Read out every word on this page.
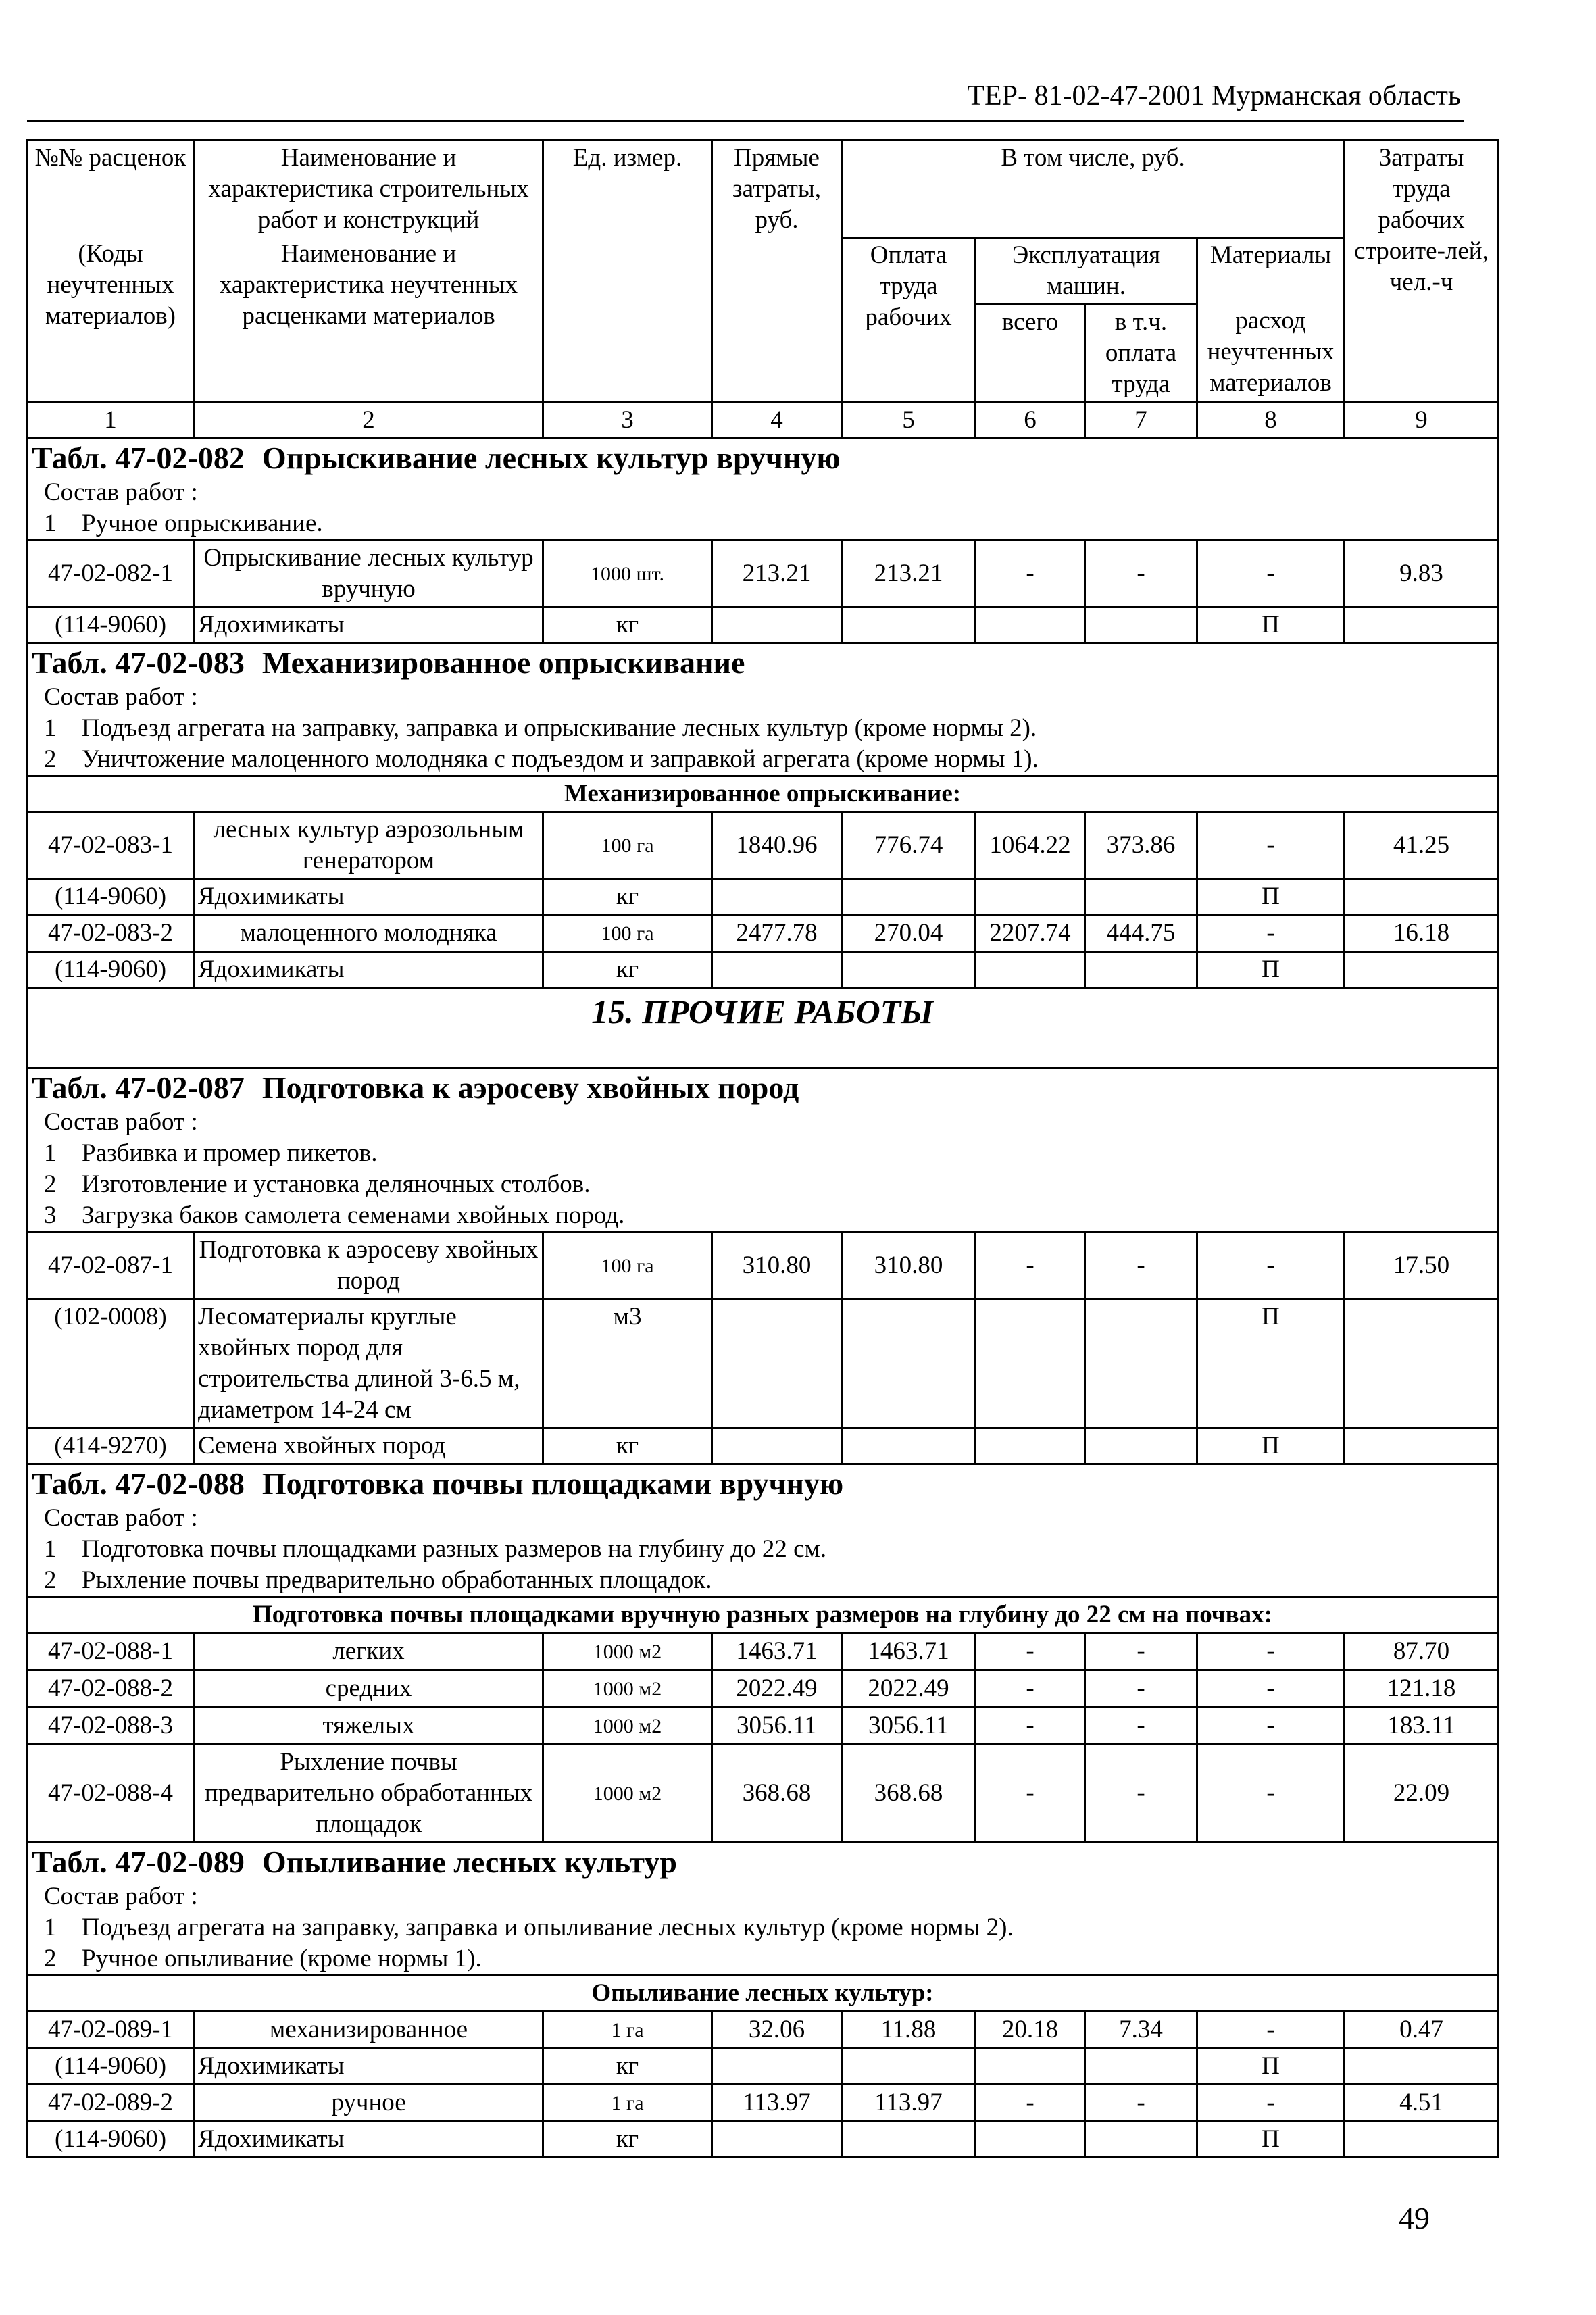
ТЕР- 81-02-47-2001 Мурманская область
№№ расценок	Наименование и характеристика строительных работ и конструкций	Ед. измер.	Прямые затраты, руб.	В том числе, руб.				Затраты труда рабочих строите-лей, чел.-ч
(Коды неучтенных материалов)	Наименование и характеристика неучтенных расценками материалов			Оплата труда рабочих	Эксплуатация машин.		Материалы	
					всего	в т.ч. оплата труда	расход неучтенных материалов	
1	2	3	4	5	6	7	8	9
Табл. 47-02-082 Опрыскивание лесных культур вручную								
Состав работ :								
1 Ручное опрыскивание.								
47-02-082-1	Опрыскивание лесных культур вручную	1000 шт.	213.21	213.21	-	-	-	9.83
(114-9060)	Ядохимикаты	кг					П	
Табл. 47-02-083 Механизированное опрыскивание								
Состав работ :								
1 Подъезд агрегата на заправку, заправка и опрыскивание лесных культур (кроме нормы 2).								
2 Уничтожение малоценного молодняка с подъездом и заправкой агрегата (кроме нормы 1).								
Механизированное опрыскивание:								
47-02-083-1	лесных культур аэрозольным генератором	100 га	1840.96	776.74	1064.22	373.86	-	41.25
(114-9060)	Ядохимикаты	кг					П	
47-02-083-2	малоценного молодняка	100 га	2477.78	270.04	2207.74	444.75	-	16.18
(114-9060)	Ядохимикаты	кг					П	
15. ПРОЧИЕ РАБОТЫ								

Табл. 47-02-087 Подготовка к аэросеву хвойных пород								
Состав работ :								
1 Разбивка и промер пикетов.								
2 Изготовление и установка деляночных столбов.								
3 Загрузка баков самолета семенами хвойных пород.								
47-02-087-1	Подготовка к аэросеву хвойных пород	100 га	310.80	310.80	-	-	-	17.50
(102-0008)	Лесоматериалы круглые хвойных пород для строительства длиной 3-6.5 м, диаметром 14-24 см	м3					П	
(414-9270)	Семена хвойных пород	кг					П	
Табл. 47-02-088 Подготовка почвы площадками вручную								
Состав работ :								
1 Подготовка почвы площадками разных размеров на глубину до 22 см.								
2 Рыхление почвы предварительно обработанных площадок.								
Подготовка почвы площадками вручную разных размеров на глубину до 22 см на почвах:								
47-02-088-1	легких	1000 м2	1463.71	1463.71	-	-	-	87.70
47-02-088-2	средних	1000 м2	2022.49	2022.49	-	-	-	121.18
47-02-088-3	тяжелых	1000 м2	3056.11	3056.11	-	-	-	183.11
47-02-088-4	Рыхление почвы предварительно обработанных площадок	1000 м2	368.68	368.68	-	-	-	22.09
Табл. 47-02-089 Опыливание лесных культур								
Состав работ :								
1 Подъезд агрегата на заправку, заправка и опыливание лесных культур (кроме нормы 2).								
2 Ручное опыливание (кроме нормы 1).								
Опыливание лесных культур:								
47-02-089-1	механизированное	1 га	32.06	11.88	20.18	7.34	-	0.47
(114-9060)	Ядохимикаты	кг					П	
47-02-089-2	ручное	1 га	113.97	113.97	-	-	-	4.51
(114-9060)	Ядохимикаты	кг					П	
49
